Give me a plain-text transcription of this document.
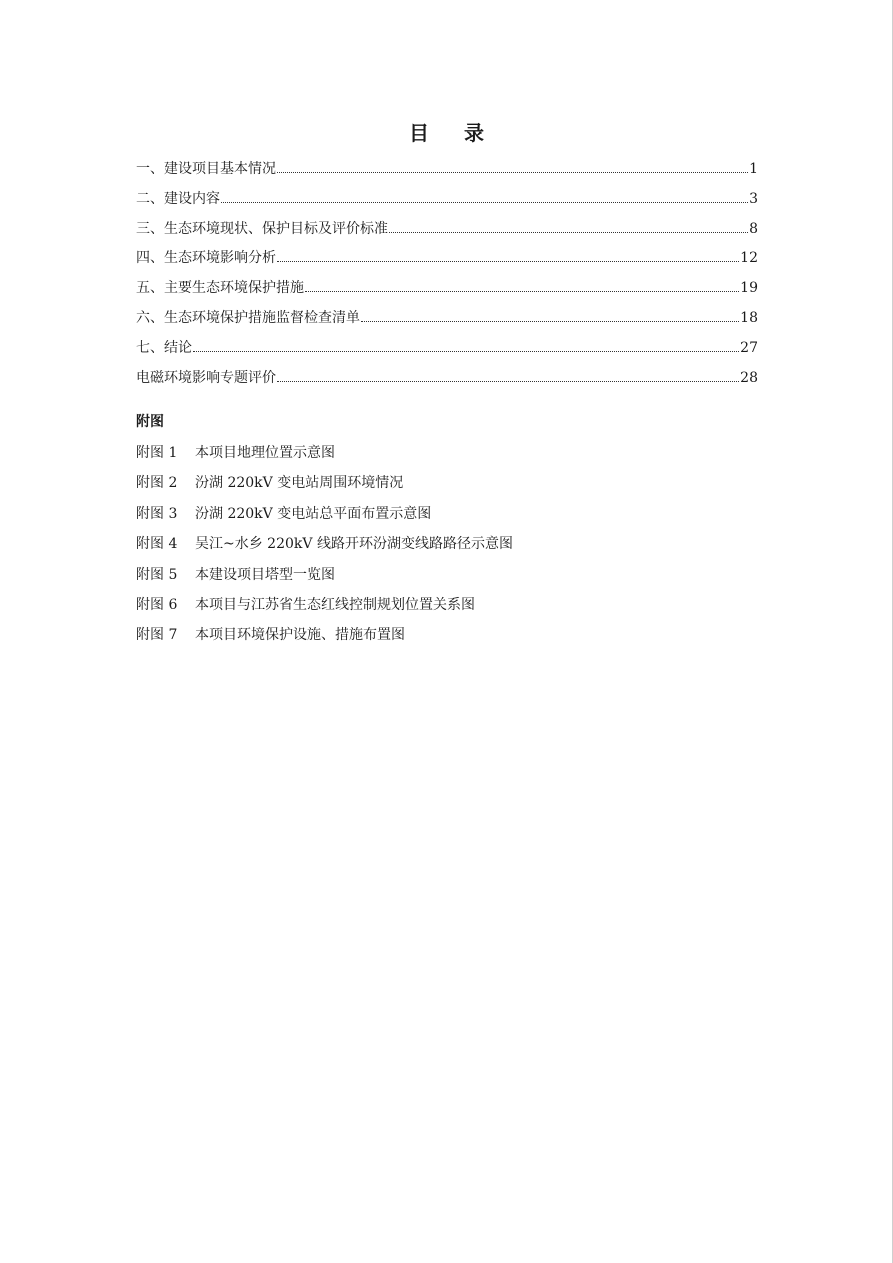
目 录
一、建设项目基本情况	1
二、建设内容	3
三、生态环境现状、保护目标及评价标准	8
四、生态环境影响分析	12
五、主要生态环境保护措施	19
六、生态环境保护措施监督检查清单	18
七、结论	27
电磁环境影响专题评价	28
附图
附图 1	本项目地理位置示意图
附图 2	汾湖 220kV 变电站周围环境情况
附图 3	汾湖 220kV 变电站总平面布置示意图
附图 4	吴江~水乡 220kV 线路开环汾湖变线路路径示意图
附图 5	本建设项目塔型一览图
附图 6	本项目与江苏省生态红线控制规划位置关系图
附图 7	本项目环境保护设施、措施布置图
